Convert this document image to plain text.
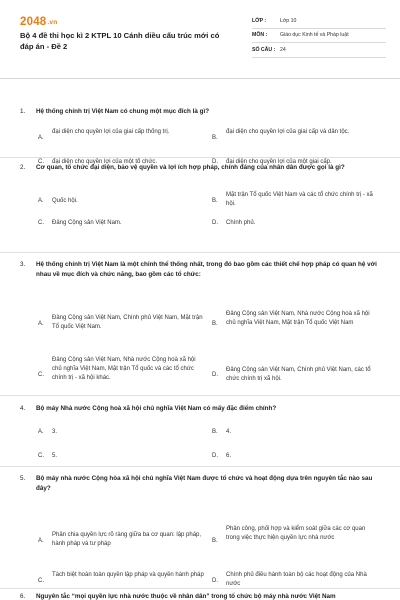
2048.vn
Bộ 4 đề thi học kì 2 KTPL 10 Cánh diều cấu trúc mới có đáp án - Đề 2
LỚP :	Lớp 10
MÔN :	Giáo dục Kinh tế và Pháp luật
SỐ CÂU : 24
1. Hệ thống chính trị Việt Nam có chung một mục đích là gì?
A.
đại diện cho quyền lợi của giai cấp thống trị.
B.
đại diện cho quyền lợi của giai cấp và dân tộc.
C. đại diện cho quyền lợi của một tổ chức.	D. đại diện cho quyền lợi của một giai cấp.
2. Cơ quan, tổ chức đại diện, bảo vệ quyền và lợi ích hợp pháp, chính đáng của nhân dân được gọi là gì?
A. Quốc hội.	B.
Mặt trận Tổ quốc Việt Nam và các tổ chức chính trị - xã hội.
C. Đảng Cộng sản Việt Nam.	D. Chính phủ.
3. Hệ thống chính trị Việt Nam là một chỉnh thể thống nhất, trong đó bao gồm các thiết chế hợp pháp có quan hệ với nhau về mục đích và chức năng, bao gồm các tổ chức:
A.
Đảng Cộng sản Việt Nam, Chính phủ Việt Nam, Mặt trận Tổ quốc Việt Nam.
B.
Đảng Cộng sản Việt Nam, Nhà nước Cộng hoà xã hội chủ nghĩa Việt Nam, Mặt trận Tổ quốc Việt Nam
C.
Đảng Cộng sản Việt Nam, Nhà nước Cộng hoà xã hội chủ nghĩa Việt Nam, Mặt trận Tổ quốc và các tổ chức chính trị - xã hội khác.
D.
Đảng Cộng sản Việt Nam, Chính phủ Việt Nam, các tổ chức chính trị xã hội.
4. Bộ máy Nhà nước Cộng hoà xã hội chủ nghĩa Việt Nam có mấy đặc điểm chính?
A. 3.	B. 4.
C. 5.	D. 6.
5. Bộ máy nhà nước Cộng hòa xã hội chủ nghĩa Việt Nam được tổ chức và hoạt động dựa trên nguyên tắc nào sau đây?
A.
Phân chia quyền lực rõ ràng giữa ba cơ quan: lập pháp, hành pháp và tư pháp
B.
Phân công, phối hợp và kiểm soát giữa các cơ quan trong việc thực hiện quyền lực nhà nước
C.
Tách biệt hoàn toàn quyền lập pháp và quyền hành pháp
D.
Chính phủ điều hành toàn bộ các hoạt động của Nhà nước
6. Nguyên tắc “mọi quyền lực nhà nước thuộc về nhân dân” trong tổ chức bộ máy nhà nước Việt Nam
